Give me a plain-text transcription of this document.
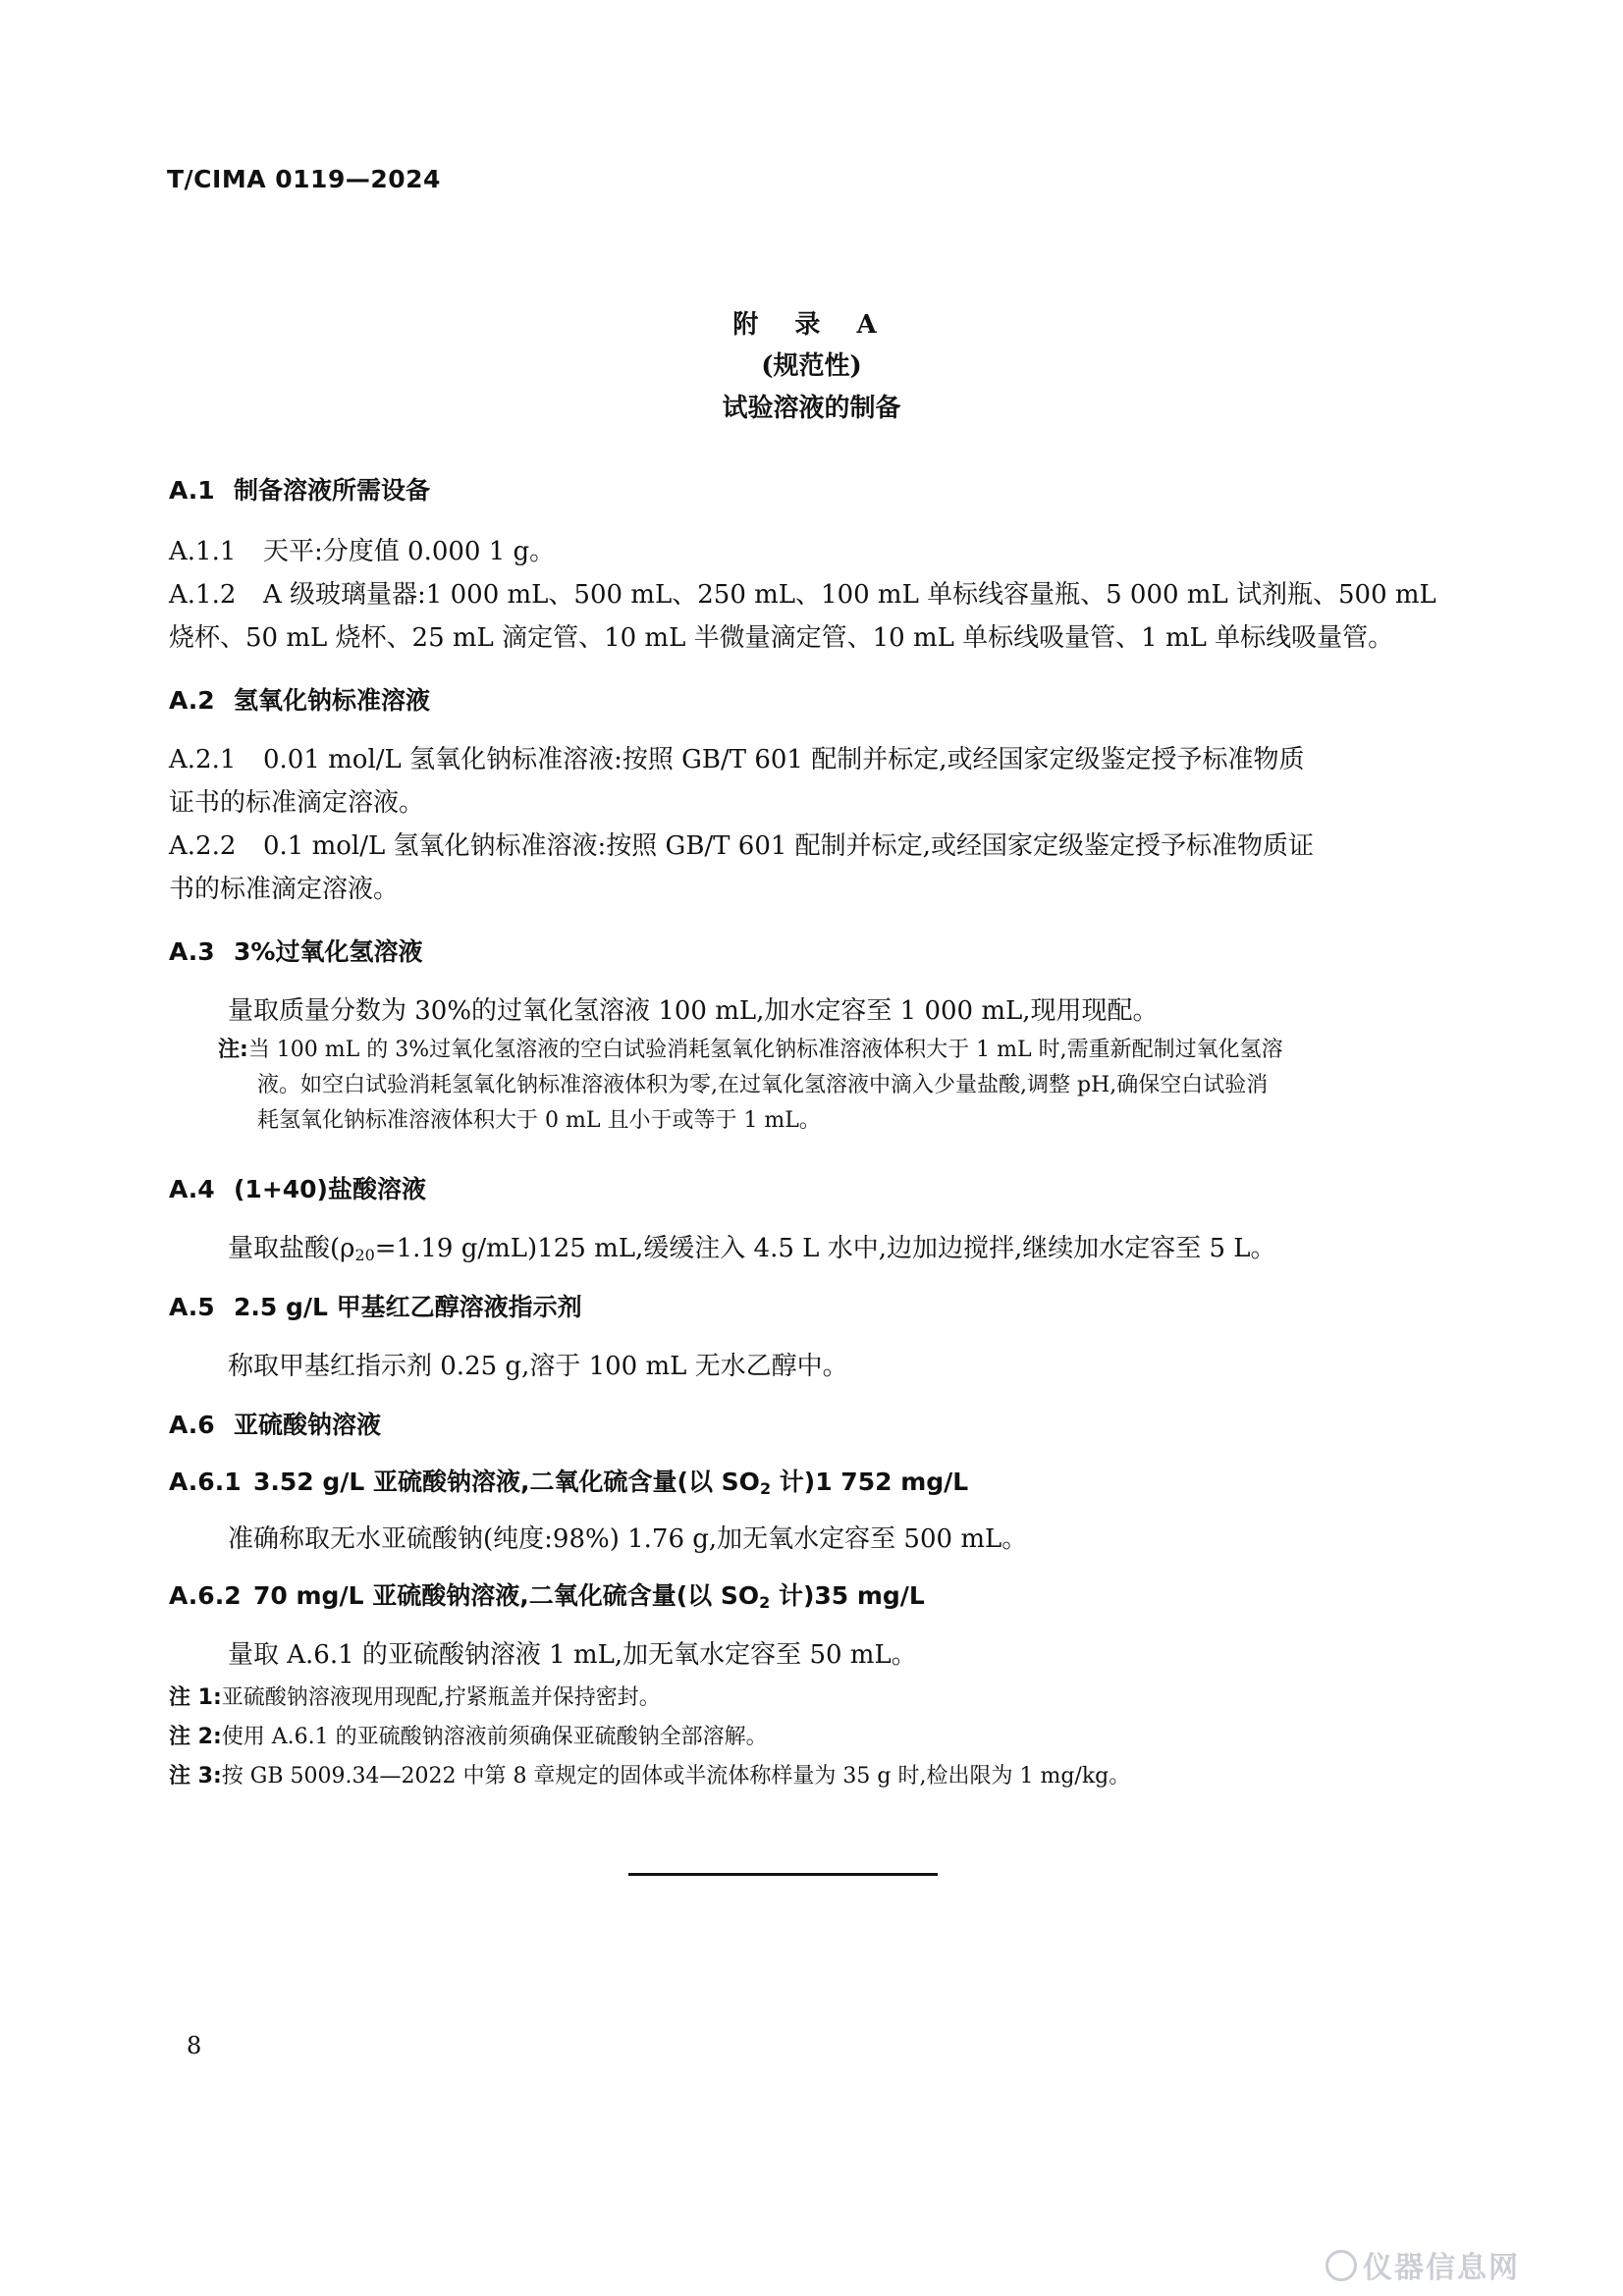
T/CIMA 0119—2024
附 录 A
(规范性)
试验溶液的制备
A.1 制备溶液所需设备
A.1.1 天平:分度值 0.000 1 g。
A.1.2 A 级玻璃量器:1 000 mL、500 mL、250 mL、100 mL 单标线容量瓶、5 000 mL 试剂瓶、500 mL
烧杯、50 mL 烧杯、25 mL 滴定管、10 mL 半微量滴定管、10 mL 单标线吸量管、1 mL 单标线吸量管。
A.2 氢氧化钠标准溶液
A.2.1 0.01 mol/L 氢氧化钠标准溶液:按照 GB/T 601 配制并标定,或经国家定级鉴定授予标准物质
证书的标准滴定溶液。
A.2.2 0.1 mol/L 氢氧化钠标准溶液:按照 GB/T 601 配制并标定,或经国家定级鉴定授予标准物质证
书的标准滴定溶液。
A.3 3%过氧化氢溶液
量取质量分数为 30%的过氧化氢溶液 100 mL,加水定容至 1 000 mL,现用现配。
注:当 100 mL 的 3%过氧化氢溶液的空白试验消耗氢氧化钠标准溶液体积大于 1 mL 时,需重新配制过氧化氢溶
液。如空白试验消耗氢氧化钠标准溶液体积为零,在过氧化氢溶液中滴入少量盐酸,调整 pH,确保空白试验消
耗氢氧化钠标准溶液体积大于 0 mL 且小于或等于 1 mL。
A.4 (1+40)盐酸溶液
量取盐酸($\rho_{20}=1.19$ g/mL)125 mL,缓缓注入 4.5 L 水中,边加边搅拌,继续加水定容至 5 L。
A.5 2.5 g/L 甲基红乙醇溶液指示剂
称取甲基红指示剂 0.25 g,溶于 100 mL 无水乙醇中。
A.6 亚硫酸钠溶液
A.6.1 3.52 g/L 亚硫酸钠溶液,二氧化硫含量(以 $SO_2$ 计)1 752 mg/L
准确称取无水亚硫酸钠(纯度:98%) 1.76 g,加无氧水定容至 500 mL。
A.6.2 70 mg/L 亚硫酸钠溶液,二氧化硫含量(以 $SO_2$ 计)35 mg/L
量取 A.6.1 的亚硫酸钠溶液 1 mL,加无氧水定容至 50 mL。
注 1:亚硫酸钠溶液现用现配,拧紧瓶盖并保持密封。
注 2:使用 A.6.1 的亚硫酸钠溶液前须确保亚硫酸钠全部溶解。
注 3:按 GB 5009.34—2022 中第 8 章规定的固体或半流体称样量为 35 g 时,检出限为 1 mg/kg。
8
仪器信息网
